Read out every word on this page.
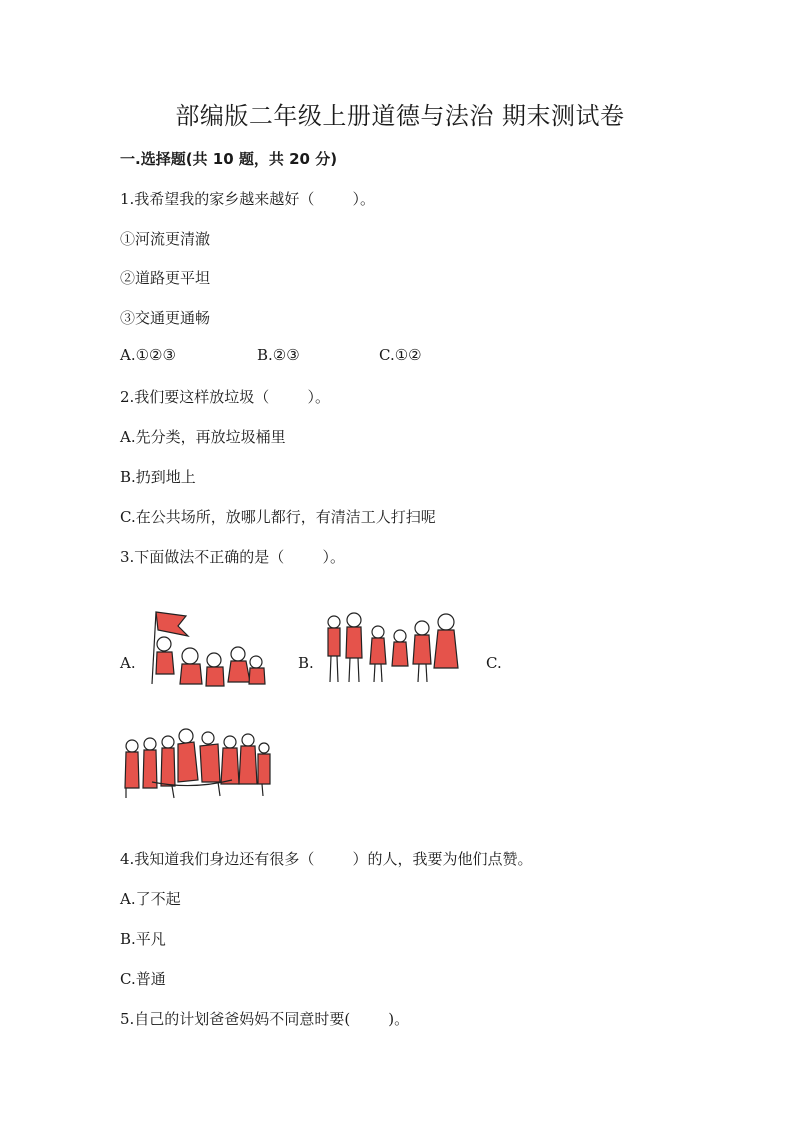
部编版二年级上册道德与法治 期末测试卷
一.选择题(共 10 题，共 20 分)
1.我希望我的家乡越来越好（        ）。
①河流更清澈
②道路更平坦
③交通更通畅
A.①②③	B.②③	C.①②
2.我们要这样放垃圾（        ）。
A.先分类，再放垃圾桶里
B.扔到地上
C.在公共场所，放哪儿都行，有清洁工人打扫呢
3.下面做法不正确的是（        ）。
A.	B.	C.
4.我知道我们身边还有很多（        ）的人，我要为他们点赞。
A.了不起
B.平凡
C.普通
5.自己的计划爸爸妈妈不同意时要(        )。
